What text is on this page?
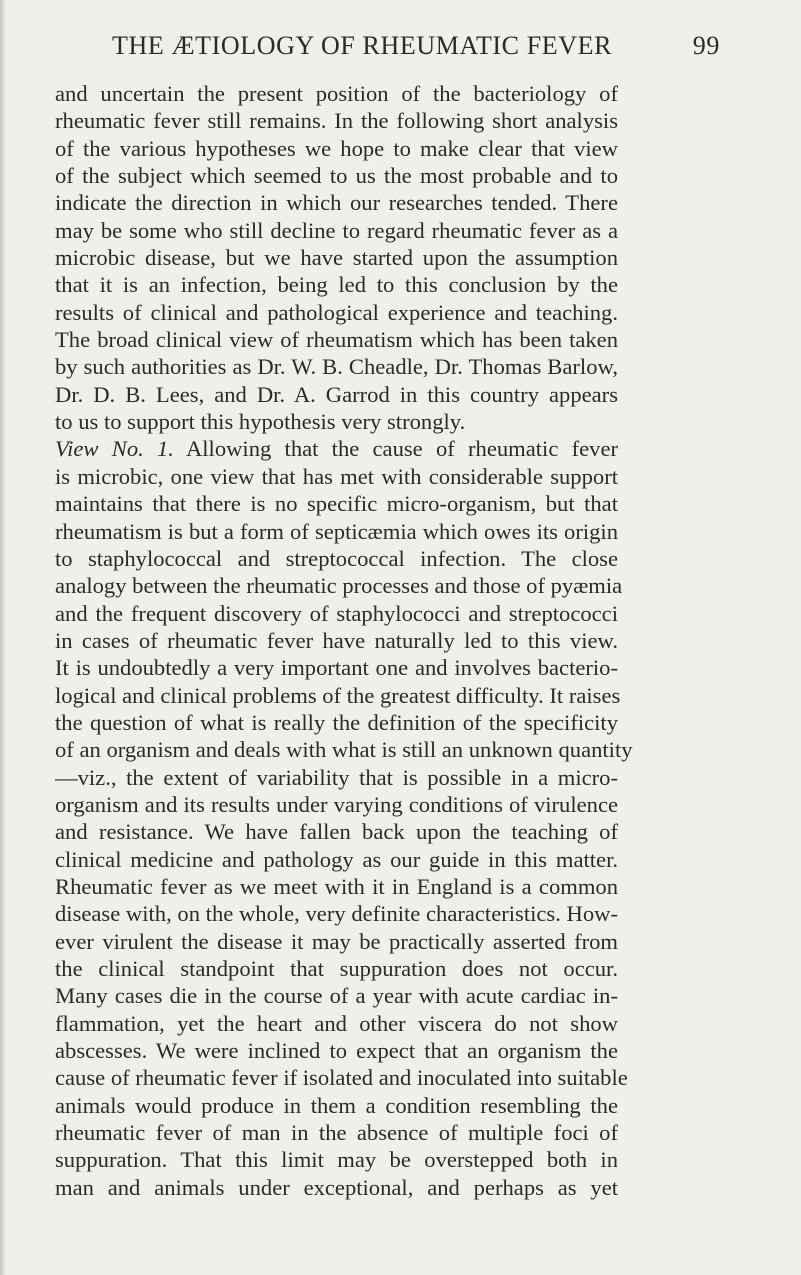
THE ÆTIOLOGY OF RHEUMATIC FEVER	99
and uncertain the present position of the bacteriology of
rheumatic fever still remains. In the following short analysis
of the various hypotheses we hope to make clear that view
of the subject which seemed to us the most probable and to
indicate the direction in which our researches tended. There
may be some who still decline to regard rheumatic fever as a
microbic disease, but we have started upon the assumption
that it is an infection, being led to this conclusion by the
results of clinical and pathological experience and teaching.
The broad clinical view of rheumatism which has been taken
by such authorities as Dr. W. B. Cheadle, Dr. Thomas Barlow,
Dr. D. B. Lees, and Dr. A. Garrod in this country appears
to us to support this hypothesis very strongly.
View No. 1. Allowing that the cause of rheumatic fever
is microbic, one view that has met with considerable support
maintains that there is no specific micro-organism, but that
rheumatism is but a form of septicæmia which owes its origin
to staphylococcal and streptococcal infection. The close
analogy between the rheumatic processes and those of pyæmia
and the frequent discovery of staphylococci and streptococci
in cases of rheumatic fever have naturally led to this view.
It is undoubtedly a very important one and involves bacterio-
logical and clinical problems of the greatest difficulty. It raises
the question of what is really the definition of the specificity
of an organism and deals with what is still an unknown quantity
—viz., the extent of variability that is possible in a micro-
organism and its results under varying conditions of virulence
and resistance. We have fallen back upon the teaching of
clinical medicine and pathology as our guide in this matter.
Rheumatic fever as we meet with it in England is a common
disease with, on the whole, very definite characteristics. How-
ever virulent the disease it may be practically asserted from
the clinical standpoint that suppuration does not occur.
Many cases die in the course of a year with acute cardiac in-
flammation, yet the heart and other viscera do not show
abscesses. We were inclined to expect that an organism the
cause of rheumatic fever if isolated and inoculated into suitable
animals would produce in them a condition resembling the
rheumatic fever of man in the absence of multiple foci of
suppuration. That this limit may be overstepped both in
man and animals under exceptional, and perhaps as yet
